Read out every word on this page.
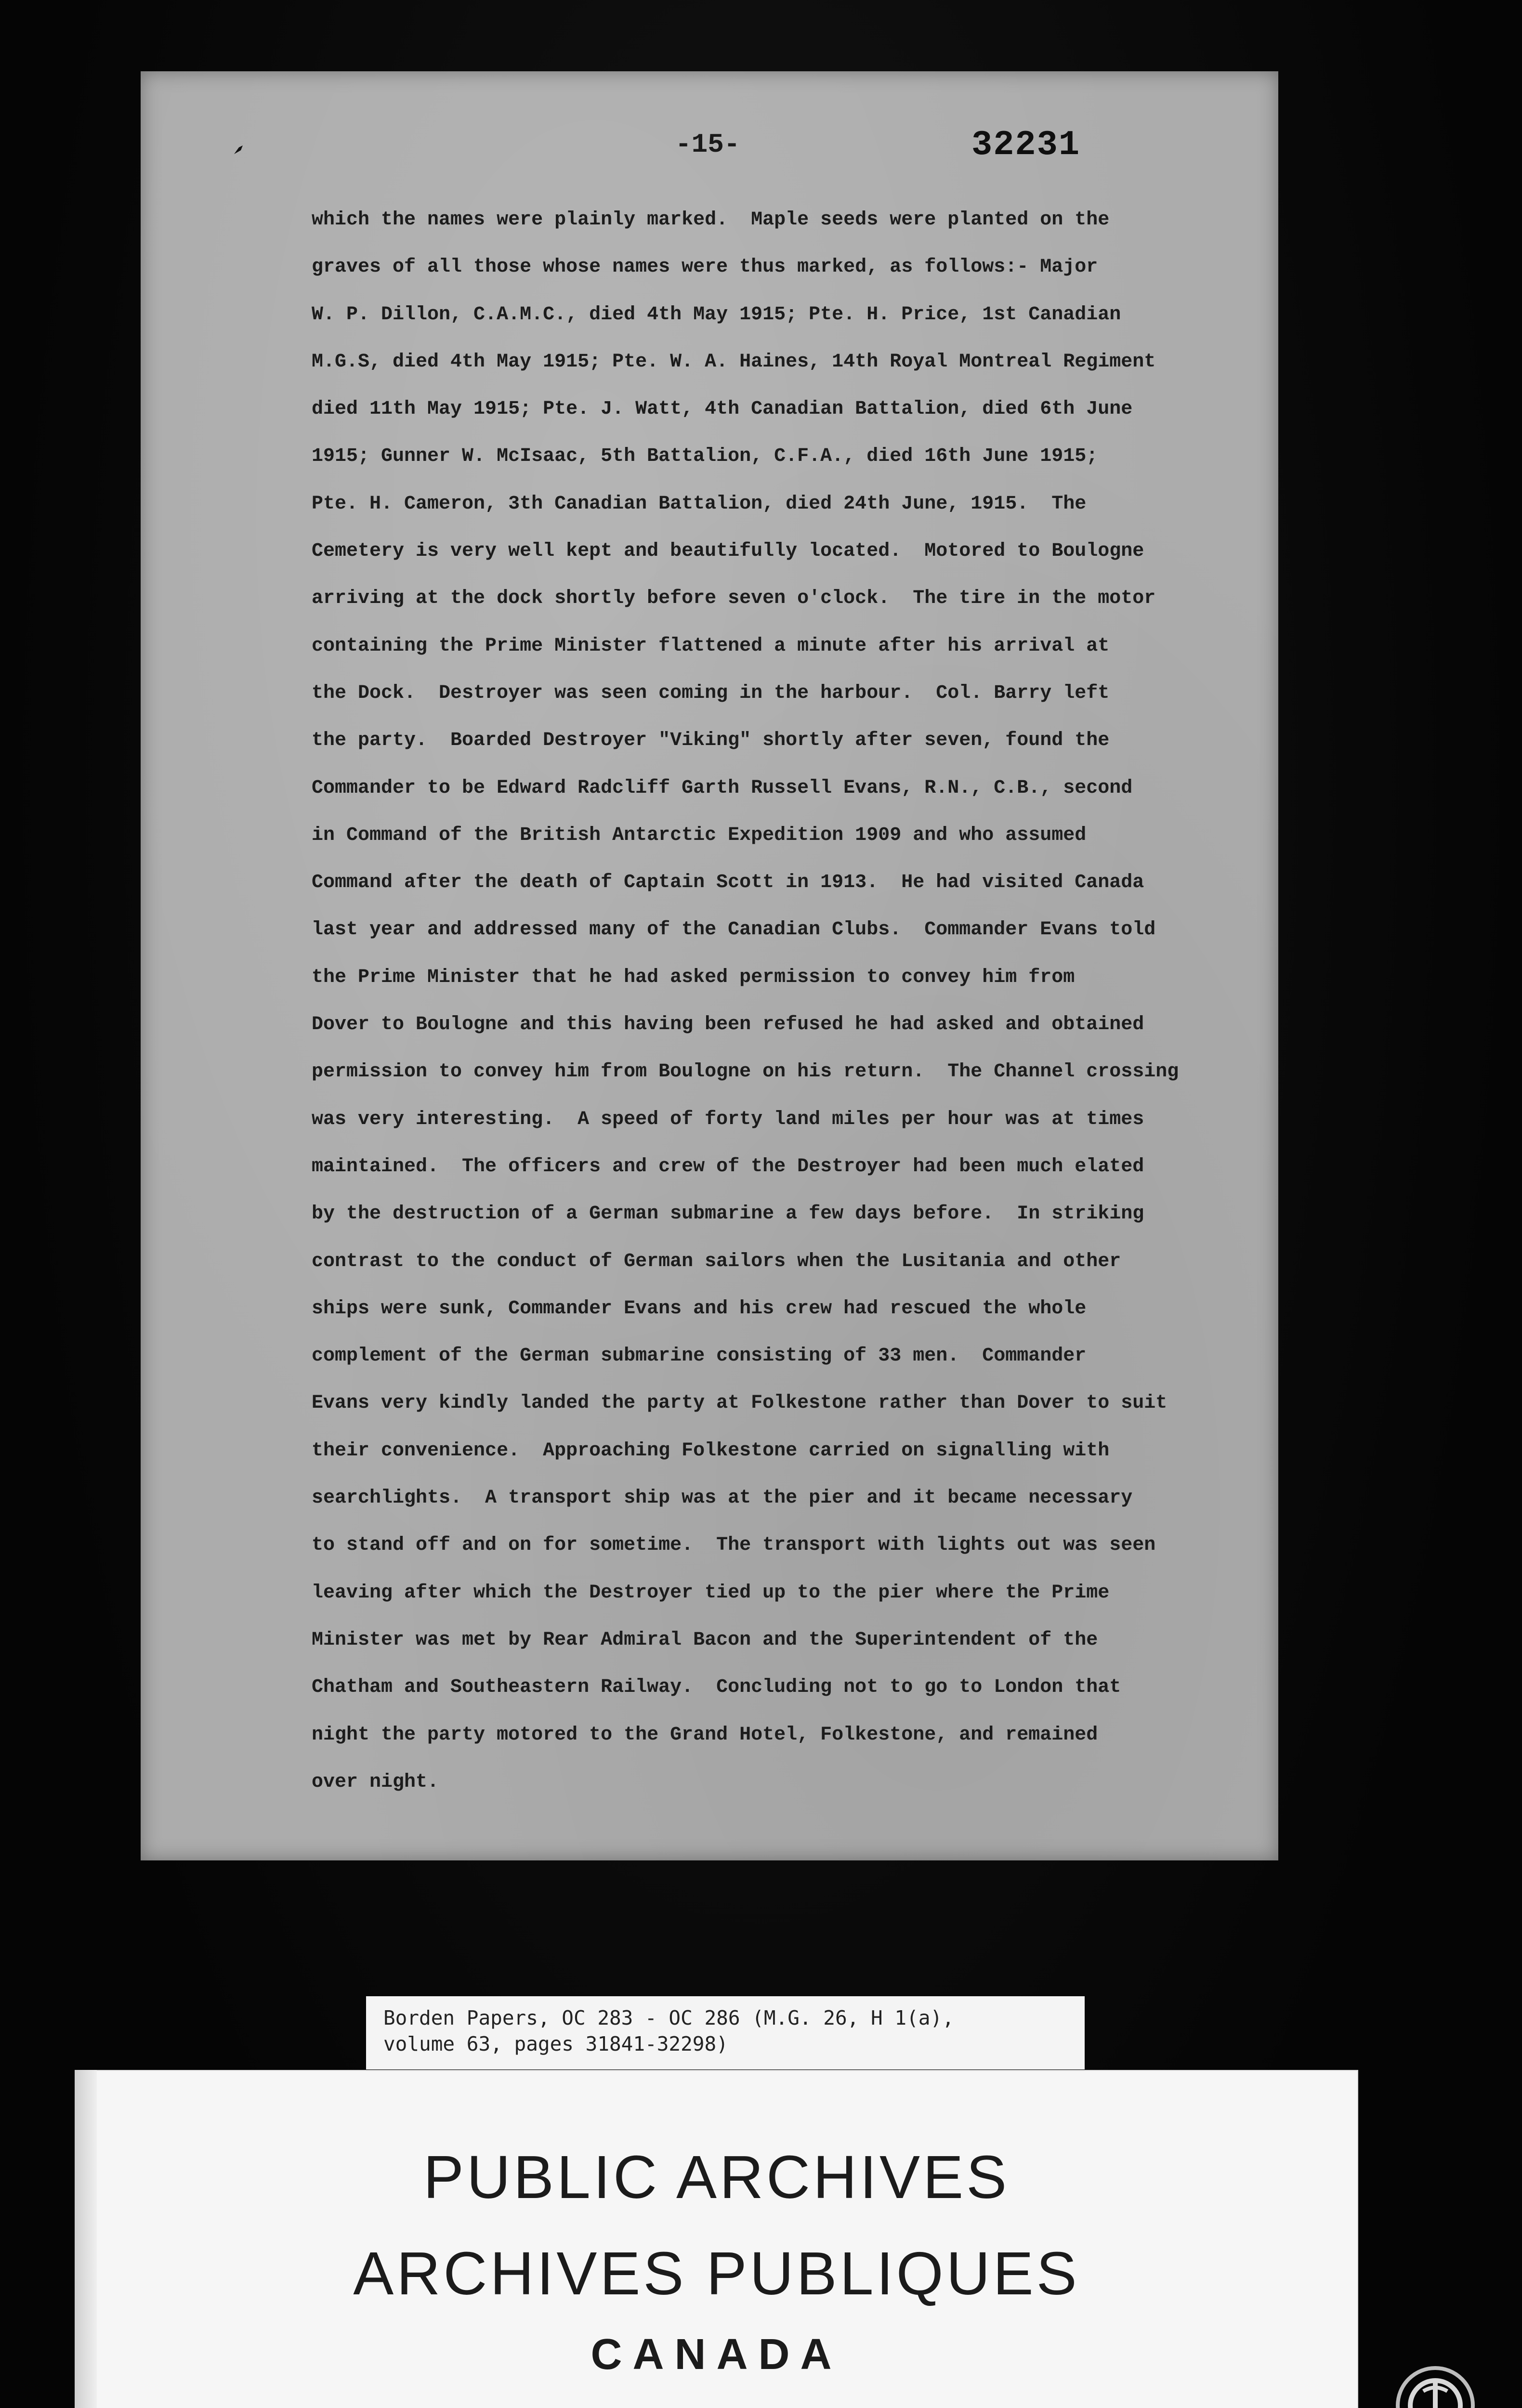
-15-	32231
which the names were plainly marked.  Maple seeds were planted on the
graves of all those whose names were thus marked, as follows:- Major
W. P. Dillon, C.A.M.C., died 4th May 1915; Pte. H. Price, 1st Canadian
M.G.S, died 4th May 1915; Pte. W. A. Haines, 14th Royal Montreal Regiment
died 11th May 1915; Pte. J. Watt, 4th Canadian Battalion, died 6th June
1915; Gunner W. McIsaac, 5th Battalion, C.F.A., died 16th June 1915;
Pte. H. Cameron, 3th Canadian Battalion, died 24th June, 1915.  The
Cemetery is very well kept and beautifully located.  Motored to Boulogne
arriving at the dock shortly before seven o'clock.  The tire in the motor
containing the Prime Minister flattened a minute after his arrival at
the Dock.  Destroyer was seen coming in the harbour.  Col. Barry left
the party.  Boarded Destroyer "Viking" shortly after seven, found the
Commander to be Edward Radcliff Garth Russell Evans, R.N., C.B., second
in Command of the British Antarctic Expedition 1909 and who assumed
Command after the death of Captain Scott in 1913.  He had visited Canada
last year and addressed many of the Canadian Clubs.  Commander Evans told
the Prime Minister that he had asked permission to convey him from
Dover to Boulogne and this having been refused he had asked and obtained
permission to convey him from Boulogne on his return.  The Channel crossing
was very interesting.  A speed of forty land miles per hour was at times
maintained.  The officers and crew of the Destroyer had been much elated
by the destruction of a German submarine a few days before.  In striking
contrast to the conduct of German sailors when the Lusitania and other
ships were sunk, Commander Evans and his crew had rescued the whole
complement of the German submarine consisting of 33 men.  Commander
Evans very kindly landed the party at Folkestone rather than Dover to suit
their convenience.  Approaching Folkestone carried on signalling with
searchlights.  A transport ship was at the pier and it became necessary
to stand off and on for sometime.  The transport with lights out was seen
leaving after which the Destroyer tied up to the pier where the Prime
Minister was met by Rear Admiral Bacon and the Superintendent of the
Chatham and Southeastern Railway.  Concluding not to go to London that
night the party motored to the Grand Hotel, Folkestone, and remained
over night.
Borden Papers, OC 283 - OC 286 (M.G. 26, H 1(a),
volume 63, pages 31841-32298)
PUBLIC ARCHIVES
ARCHIVES PUBLIQUES
CANADA
